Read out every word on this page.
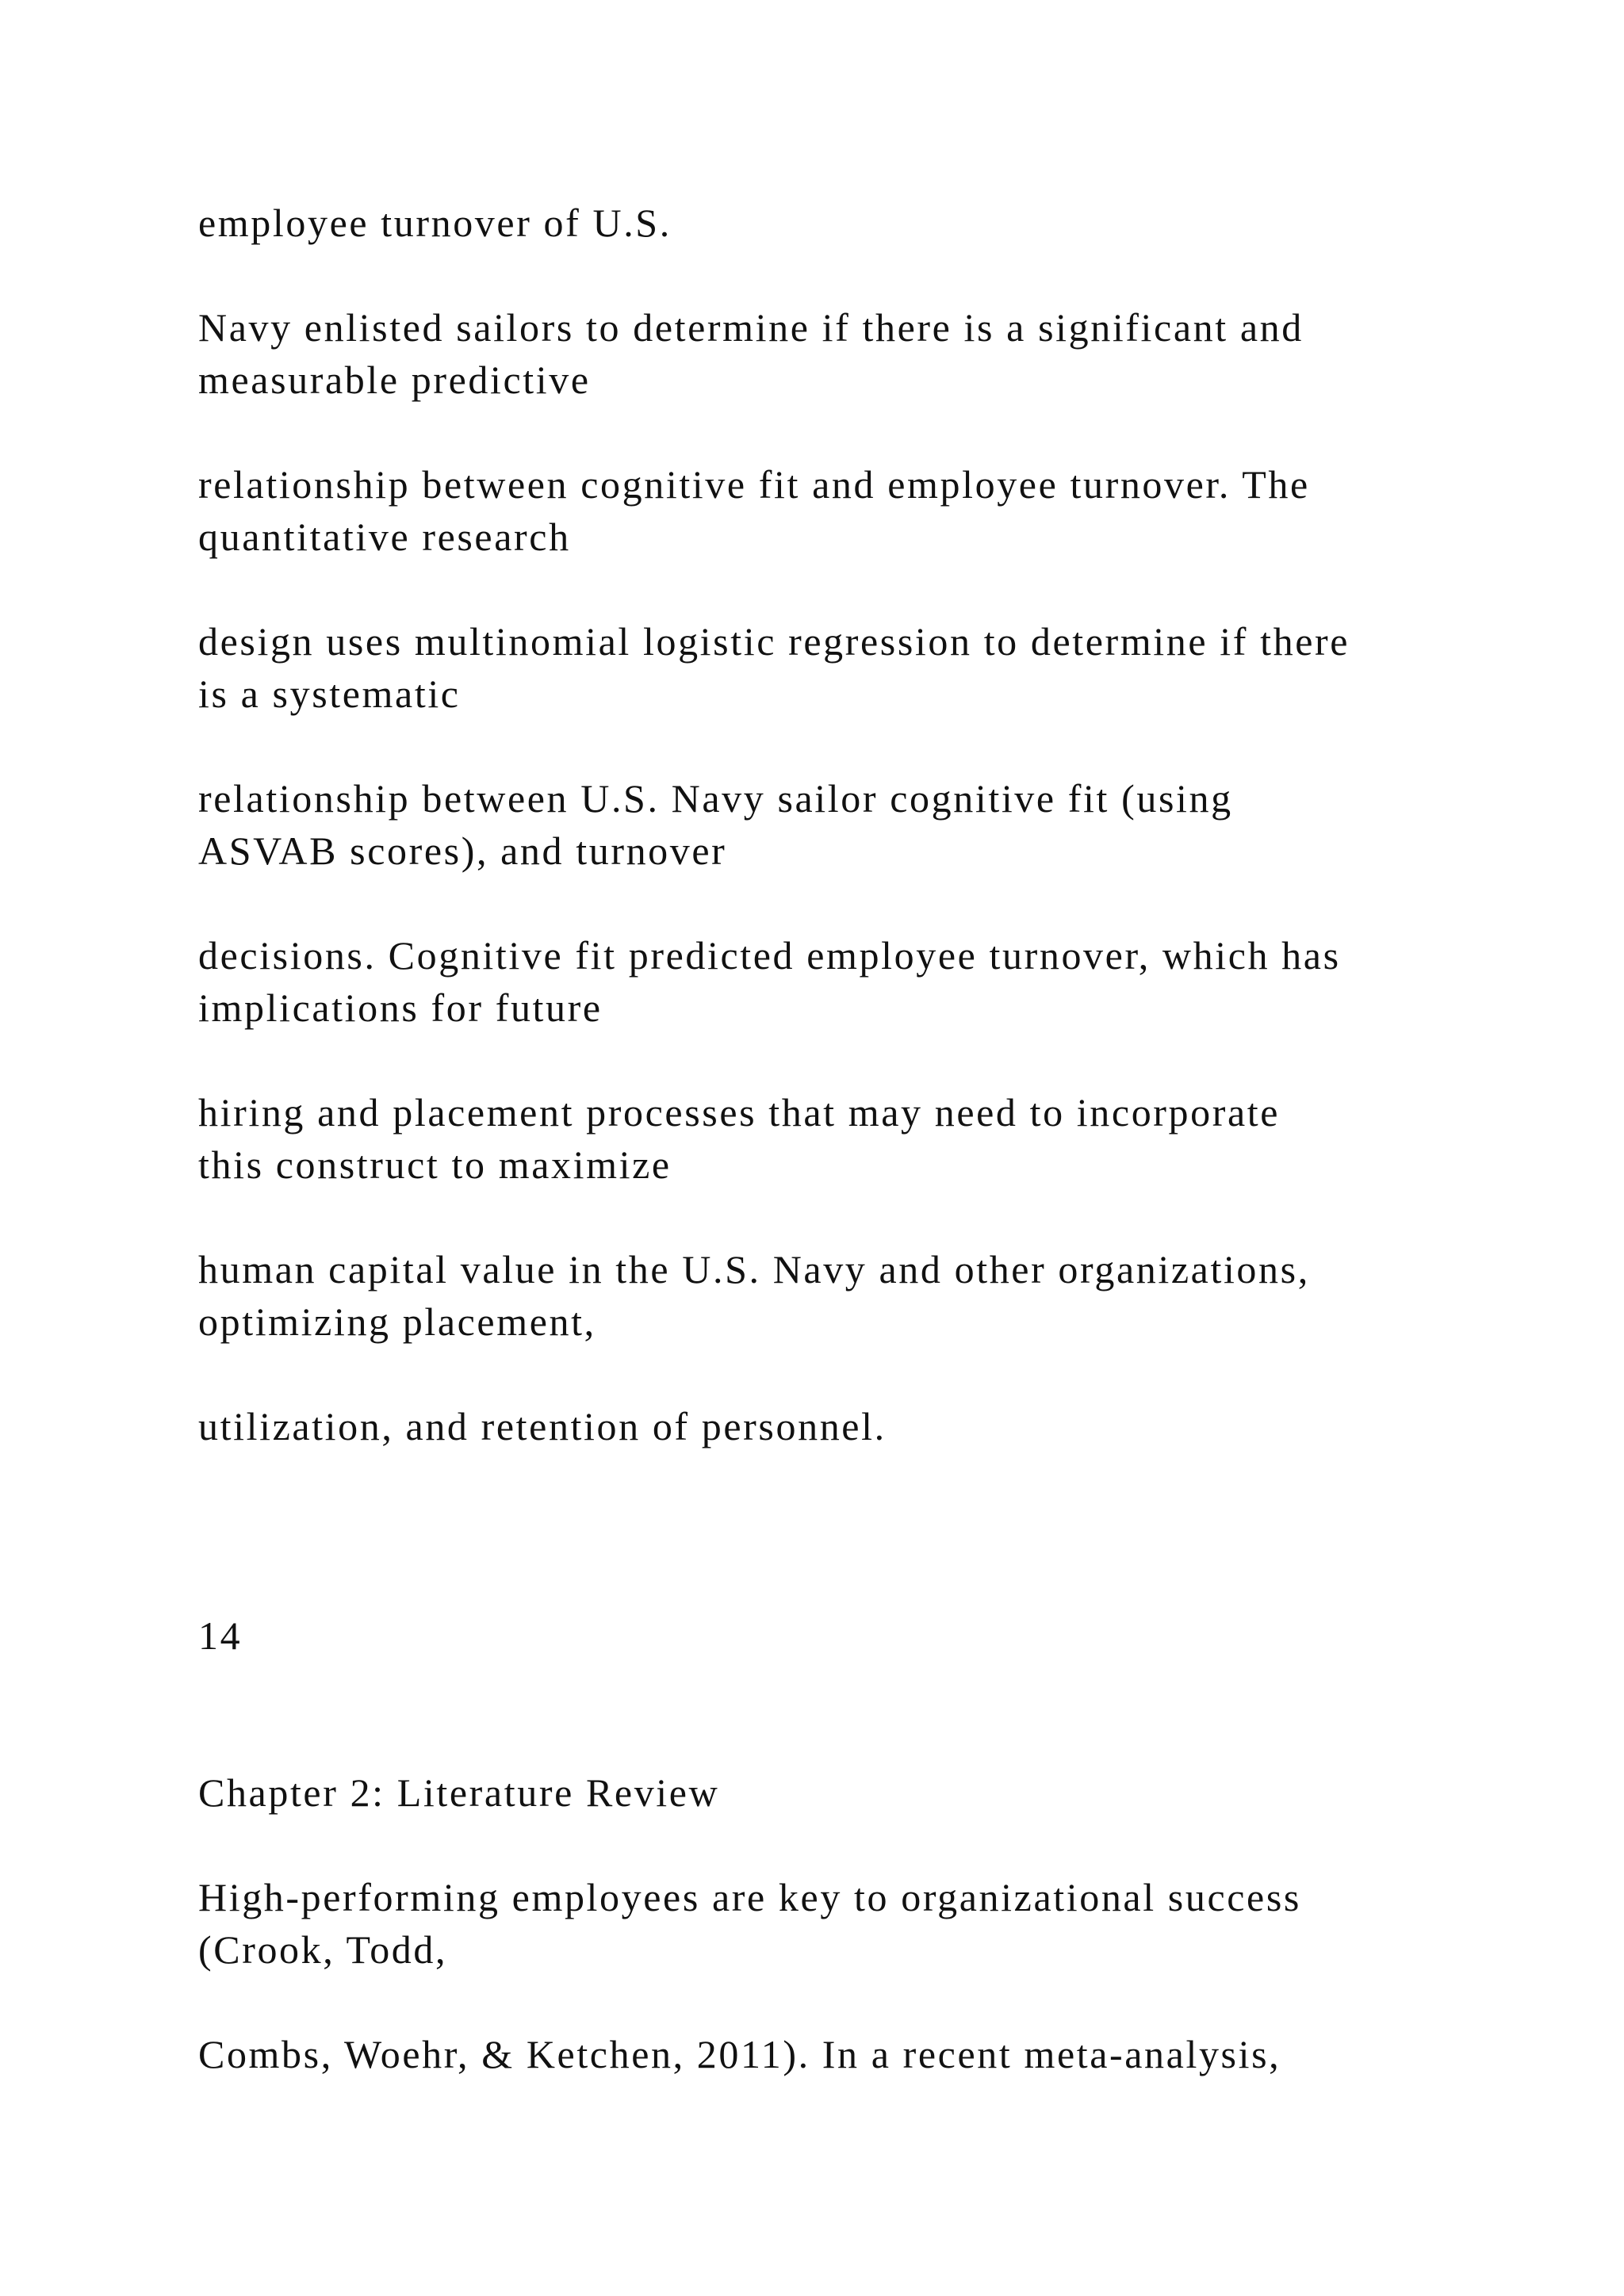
employee turnover of U.S.

Navy enlisted sailors to determine if there is a significant and

measurable predictive

relationship between cognitive fit and employee turnover. The

quantitative research

design uses multinomial logistic regression to determine if there

is a systematic

relationship between U.S. Navy sailor cognitive fit (using

ASVAB scores), and turnover

decisions. Cognitive fit predicted employee turnover, which has

implications for future

hiring and placement processes that may need to incorporate

this construct to maximize

human capital value in the U.S. Navy and other organizations,

optimizing placement,

utilization, and retention of personnel.

14

Chapter 2: Literature Review

High-performing employees are key to organizational success

(Crook, Todd,

Combs, Woehr, & Ketchen, 2011). In a recent meta-analysis,
